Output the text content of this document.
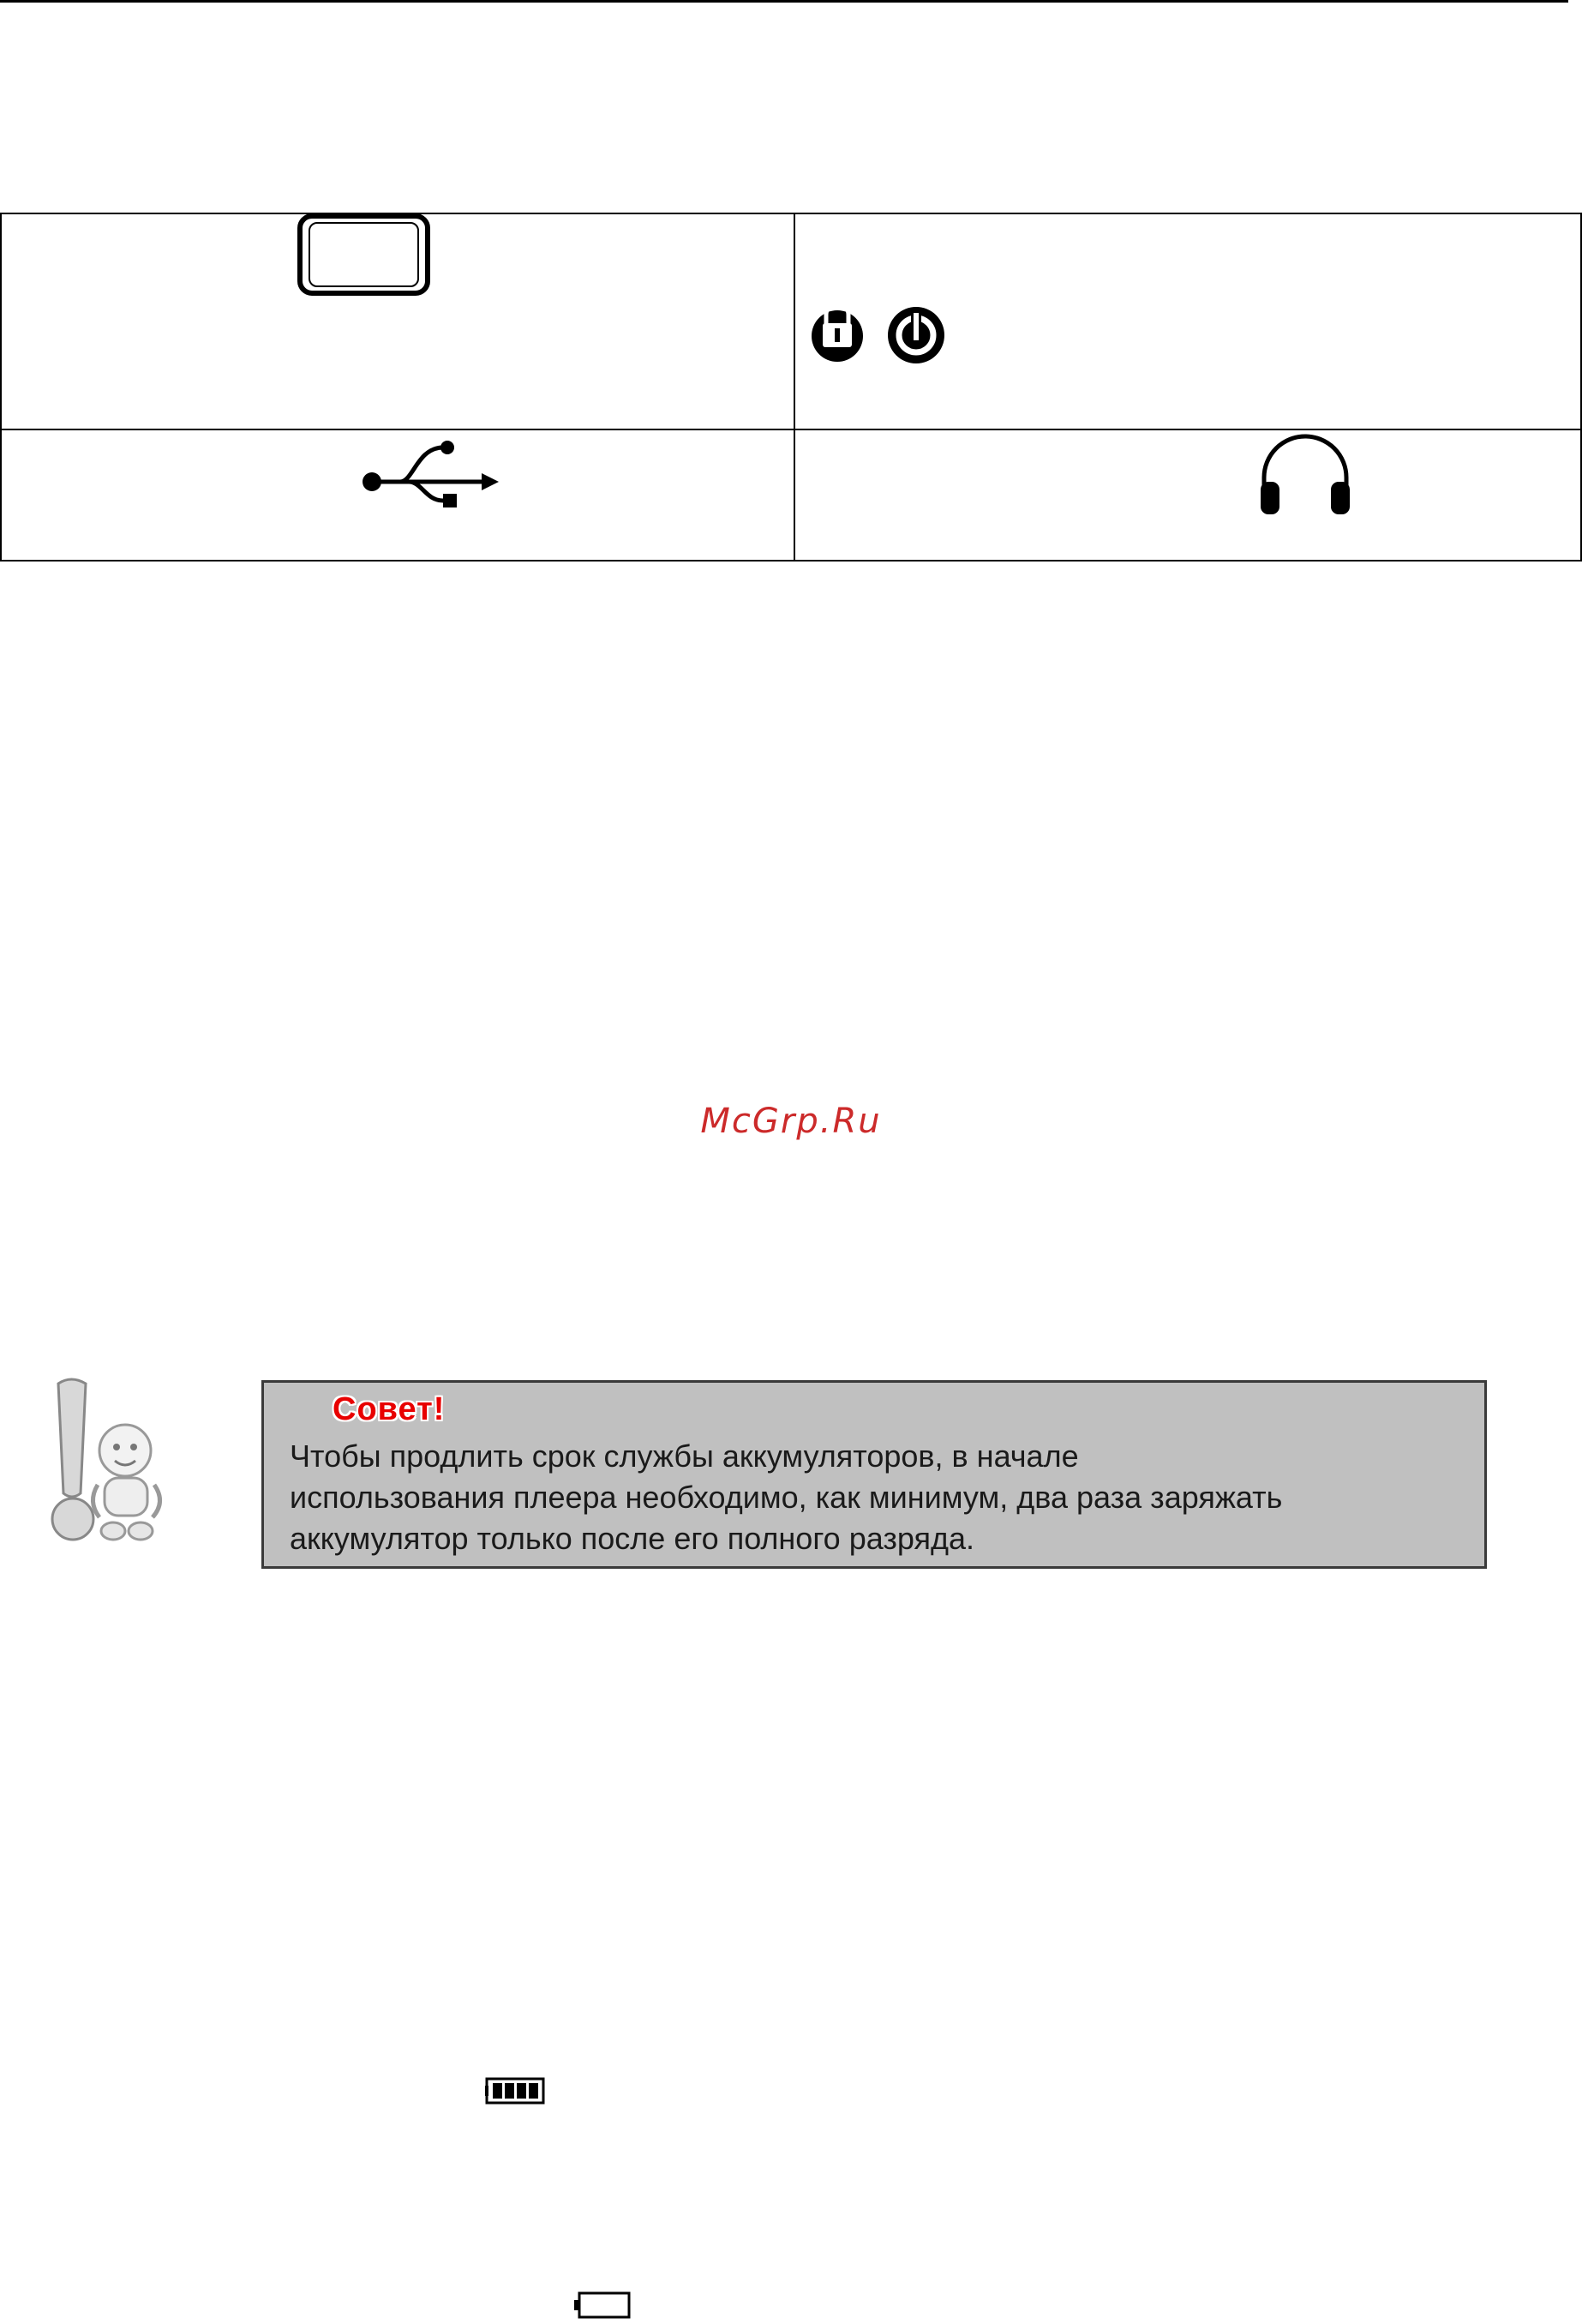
McGrp.Ru
Совет!
Чтобы продлить срок службы аккумуляторов, в начале
использования плеера необходимо, как минимум, два раза заряжать
аккумулятор только после его полного разряда.
